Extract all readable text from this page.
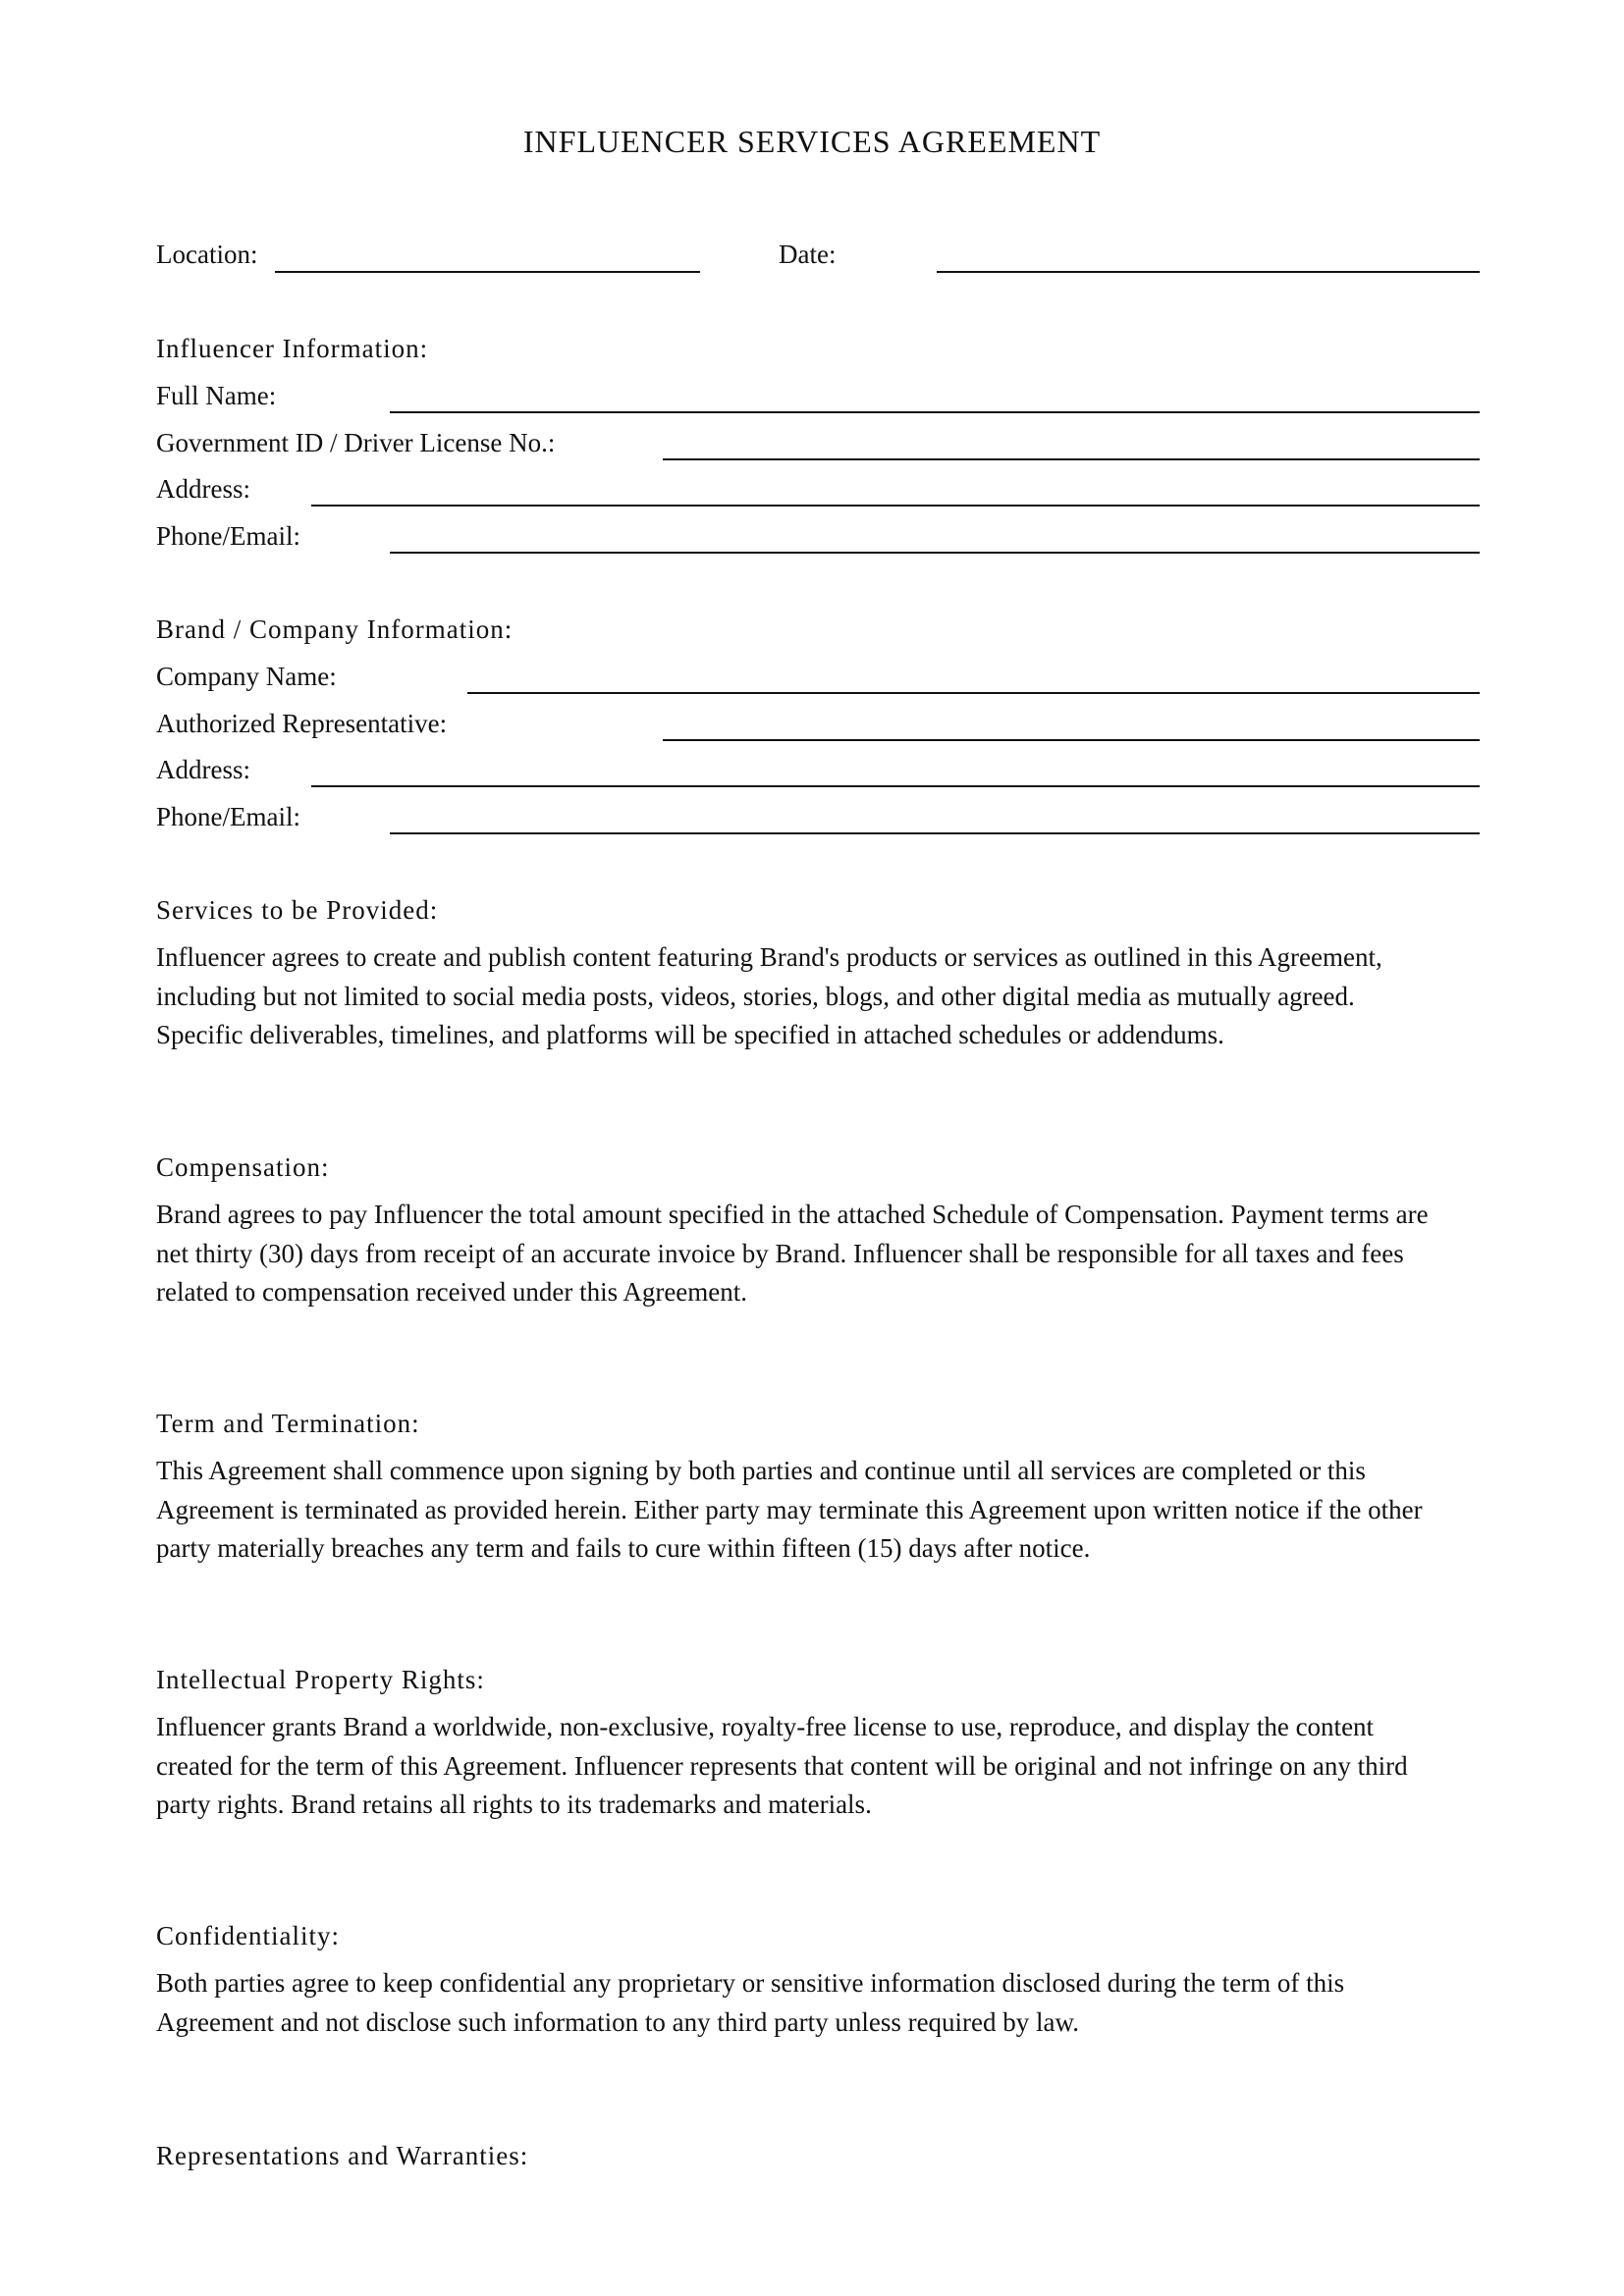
INFLUENCER SERVICES AGREEMENT
Location:	Date:
Influencer Information:
Full Name:
Government ID / Driver License No.:
Address:
Phone/Email:
Brand / Company Information:
Company Name:
Authorized Representative:
Address:
Phone/Email:
Services to be Provided:
Influencer agrees to create and publish content featuring Brand's products or services as outlined in this Agreement,
including but not limited to social media posts, videos, stories, blogs, and other digital media as mutually agreed.
Specific deliverables, timelines, and platforms will be specified in attached schedules or addendums.
Compensation:
Brand agrees to pay Influencer the total amount specified in the attached Schedule of Compensation. Payment terms are
net thirty (30) days from receipt of an accurate invoice by Brand. Influencer shall be responsible for all taxes and fees
related to compensation received under this Agreement.
Term and Termination:
This Agreement shall commence upon signing by both parties and continue until all services are completed or this
Agreement is terminated as provided herein. Either party may terminate this Agreement upon written notice if the other
party materially breaches any term and fails to cure within fifteen (15) days after notice.
Intellectual Property Rights:
Influencer grants Brand a worldwide, non-exclusive, royalty-free license to use, reproduce, and display the content
created for the term of this Agreement. Influencer represents that content will be original and not infringe on any third
party rights. Brand retains all rights to its trademarks and materials.
Confidentiality:
Both parties agree to keep confidential any proprietary or sensitive information disclosed during the term of this
Agreement and not disclose such information to any third party unless required by law.
Representations and Warranties:
